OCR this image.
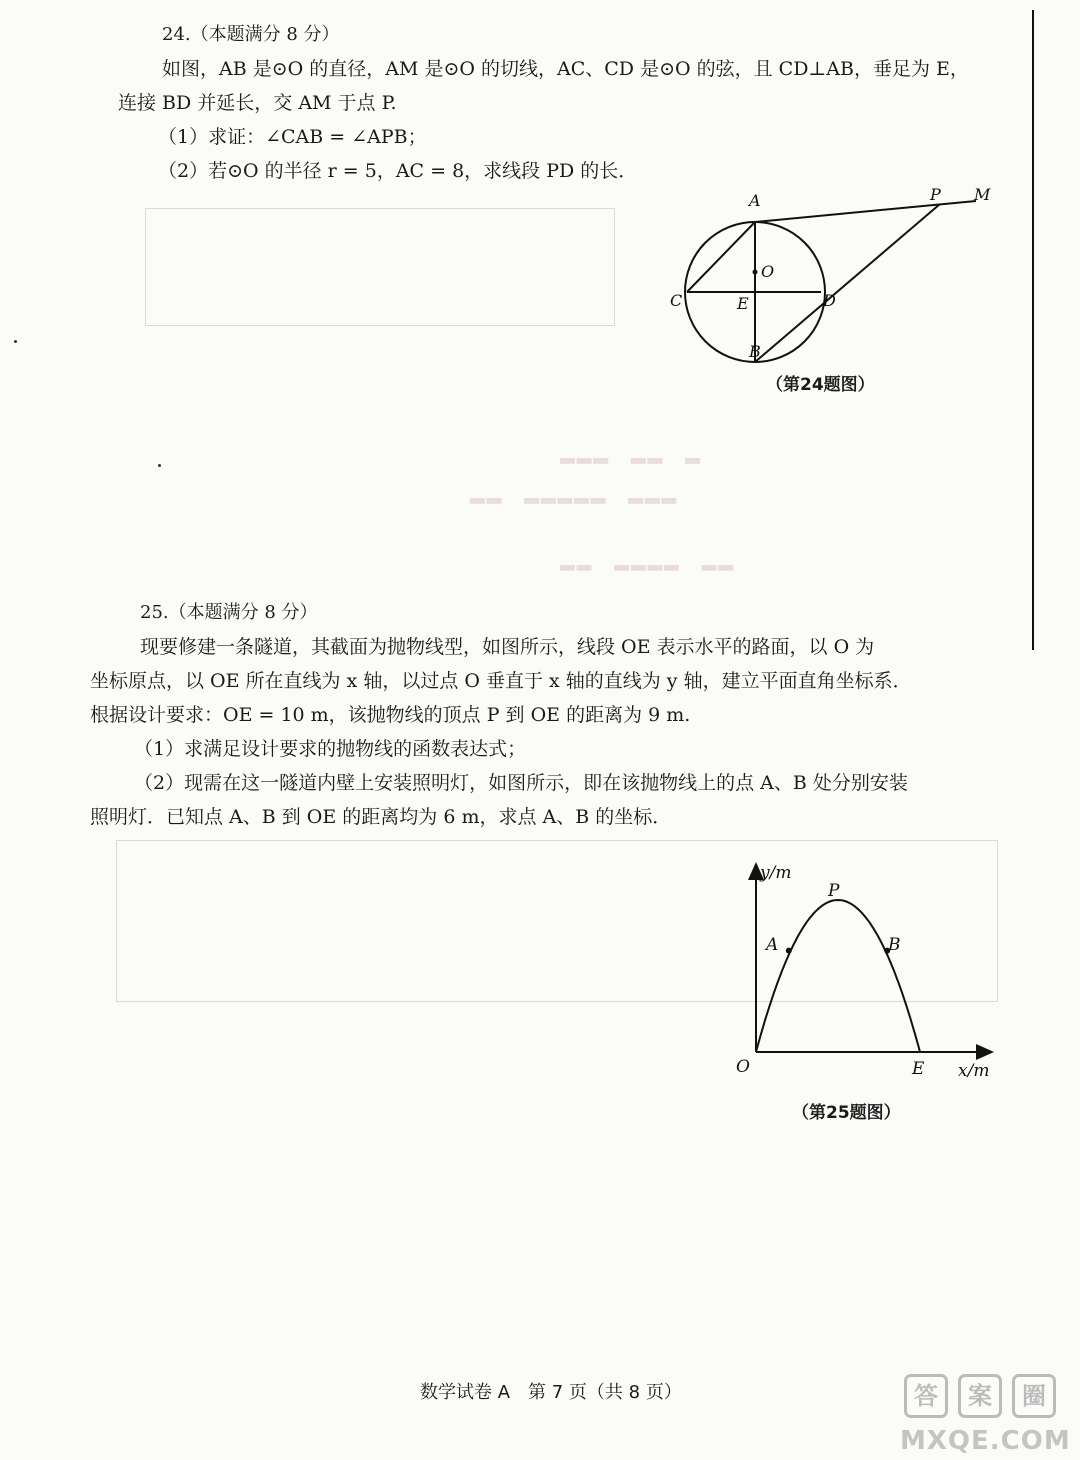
▂▂▂　▂▂　▂
▂▂　▂▂▂▂▂　▂▂▂
▂▂　▂▂▂▂　▂▂
24.（本题满分 8 分）
如图，AB 是⊙O 的直径，AM 是⊙O 的切线，AC、CD 是⊙O 的弦，且 CD⊥AB，垂足为 E，
连接 BD 并延长，交 AM 于点 P.
（1）求证：∠CAB = ∠APB；
（2）若⊙O 的半径 r = 5，AC = 8，求线段 PD 的长．
A	P M
O
C	E	D
B
（第24题图）
25.（本题满分 8 分）
现要修建一条隧道，其截面为抛物线型，如图所示，线段 OE 表示水平的路面，以 O 为
坐标原点，以 OE 所在直线为 x 轴，以过点 O 垂直于 x 轴的直线为 y 轴，建立平面直角坐标系．
根据设计要求：OE = 10 m，该抛物线的顶点 P 到 OE 的距离为 9 m.
（1）求满足设计要求的抛物线的函数表达式；
（2）现需在这一隧道内壁上安装照明灯，如图所示，即在该抛物线上的点 A、B 处分别安装
照明灯．已知点 A、B 到 OE 的距离均为 6 m，求点 A、B 的坐标．
y/m
x/m
P
A	B
O	E
（第25题图）
数学试卷 A　第 7 页（共 8 页）	答	案	圈
MXQE.COM
